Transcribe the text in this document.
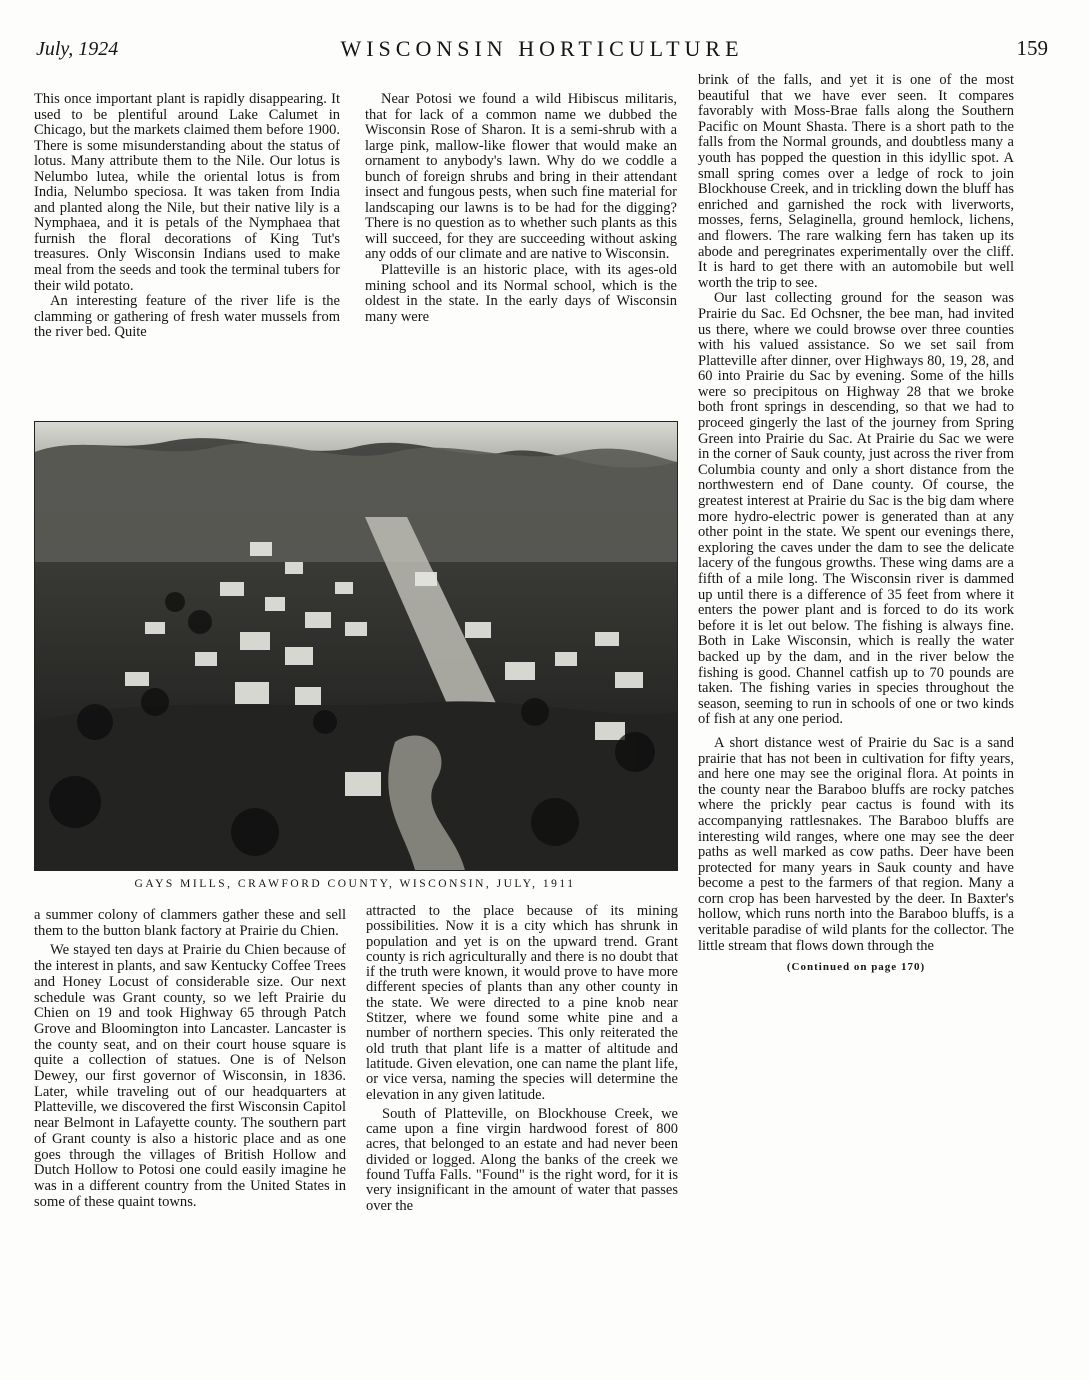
July, 1924	WISCONSIN HORTICULTURE	159

This once important plant is rapidly disappearing. It used to be plentiful around Lake Calumet in Chicago, but the markets claimed them before 1900. There is some misunderstanding about the status of lotus. Many attribute them to the Nile. Our lotus is Nelumbo lutea, while the oriental lotus is from India, Nelumbo speciosa. It was taken from India and planted along the Nile, but their native lily is a Nymphaea, and it is petals of the Nymphaea that furnish the floral decorations of King Tut's treasures. Only Wisconsin Indians used to make meal from the seeds and took the terminal tubers for their wild potato.

An interesting feature of the river life is the clamming or gathering of fresh water mussels from the river bed. Quite

Near Potosi we found a wild Hibiscus militaris, that for lack of a common name we dubbed the Wisconsin Rose of Sharon. It is a semi-shrub with a large pink, mallow-like flower that would make an ornament to anybody's lawn. Why do we coddle a bunch of foreign shrubs and bring in their attendant insect and fungous pests, when such fine material for landscaping our lawns is to be had for the digging? There is no question as to whether such plants as this will succeed, for they are succeeding without asking any odds of our climate and are native to Wisconsin.

Platteville is an historic place, with its ages-old mining school and its Normal school, which is the oldest in the state. In the early days of Wisconsin many were

brink of the falls, and yet it is one of the most beautiful that we have ever seen. It compares favorably with Moss-Brae falls along the Southern Pacific on Mount Shasta. There is a short path to the falls from the Normal grounds, and doubtless many a youth has popped the question in this idyllic spot. A small spring comes over a ledge of rock to join Blockhouse Creek, and in trickling down the bluff has enriched and garnished the rock with liverworts, mosses, ferns, Selaginella, ground hemlock, lichens, and flowers. The rare walking fern has taken up its abode and peregrinates experimentally over the cliff. It is hard to get there with an automobile but well worth the trip to see.

Our last collecting ground for the season was Prairie du Sac. Ed Ochsner, the bee man, had invited us there, where we could browse over three counties with his valued assistance. So we set sail from Platteville after dinner, over Highways 80, 19, 28, and 60 into Prairie du Sac by evening. Some of the hills were so precipitous on Highway 28 that we broke both front springs in descending, so that we had to proceed gingerly the last of the journey from Spring Green into Prairie du Sac. At Prairie du Sac we were in the corner of Sauk county, just across the river from Columbia county and only a short distance from the northwestern end of Dane county. Of course, the greatest interest at Prairie du Sac is the big dam where more hydro-electric power is generated than at any other point in the state. We spent our evenings there, exploring the caves under the dam to see the delicate lacery of the fungous growths. These wing dams are a fifth of a mile long. The Wisconsin river is dammed up until there is a difference of 35 feet from where it enters the power plant and is forced to do its work before it is let out below. The fishing is always fine. Both in Lake Wisconsin, which is really the water backed up by the dam, and in the river below the fishing is good. Channel catfish up to 70 pounds are taken. The fishing varies in species throughout the season, seeming to run in schools of one or two kinds of fish at any one period.

A short distance west of Prairie du Sac is a sand prairie that has not been in cultivation for fifty years, and here one may see the original flora. At points in the county near the Baraboo bluffs are rocky patches where the prickly pear cactus is found with its accompanying rattlesnakes. The Baraboo bluffs are interesting wild ranges, where one may see the deer paths as well marked as cow paths. Deer have been protected for many years in Sauk county and have become a pest to the farmers of that region. Many a corn crop has been harvested by the deer. In Baxter's hollow, which runs north into the Baraboo bluffs, is a veritable paradise of wild plants for the collector. The little stream that flows down through the

(Continued on page 170)
GAYS MILLS, CRAWFORD COUNTY, WISCONSIN, JULY, 1911

a summer colony of clammers gather these and sell them to the button blank factory at Prairie du Chien.

We stayed ten days at Prairie du Chien because of the interest in plants, and saw Kentucky Coffee Trees and Honey Locust of considerable size. Our next schedule was Grant county, so we left Prairie du Chien on 19 and took Highway 65 through Patch Grove and Bloomington into Lancaster. Lancaster is the county seat, and on their court house square is quite a collection of statues. One is of Nelson Dewey, our first governor of Wisconsin, in 1836. Later, while traveling out of our headquarters at Platteville, we discovered the first Wisconsin Capitol near Belmont in Lafayette county. The southern part of Grant county is also a historic place and as one goes through the villages of British Hollow and Dutch Hollow to Potosi one could easily imagine he was in a different country from the United States in some of these quaint towns.

attracted to the place because of its mining possibilities. Now it is a city which has shrunk in population and yet is on the upward trend. Grant county is rich agriculturally and there is no doubt that if the truth were known, it would prove to have more different species of plants than any other county in the state. We were directed to a pine knob near Stitzer, where we found some white pine and a number of northern species. This only reiterated the old truth that plant life is a matter of altitude and latitude. Given elevation, one can name the plant life, or vice versa, naming the species will determine the elevation in any given latitude.

South of Platteville, on Blockhouse Creek, we came upon a fine virgin hardwood forest of 800 acres, that belonged to an estate and had never been divided or logged. Along the banks of the creek we found Tuffa Falls. "Found" is the right word, for it is very insignificant in the amount of water that passes over the
